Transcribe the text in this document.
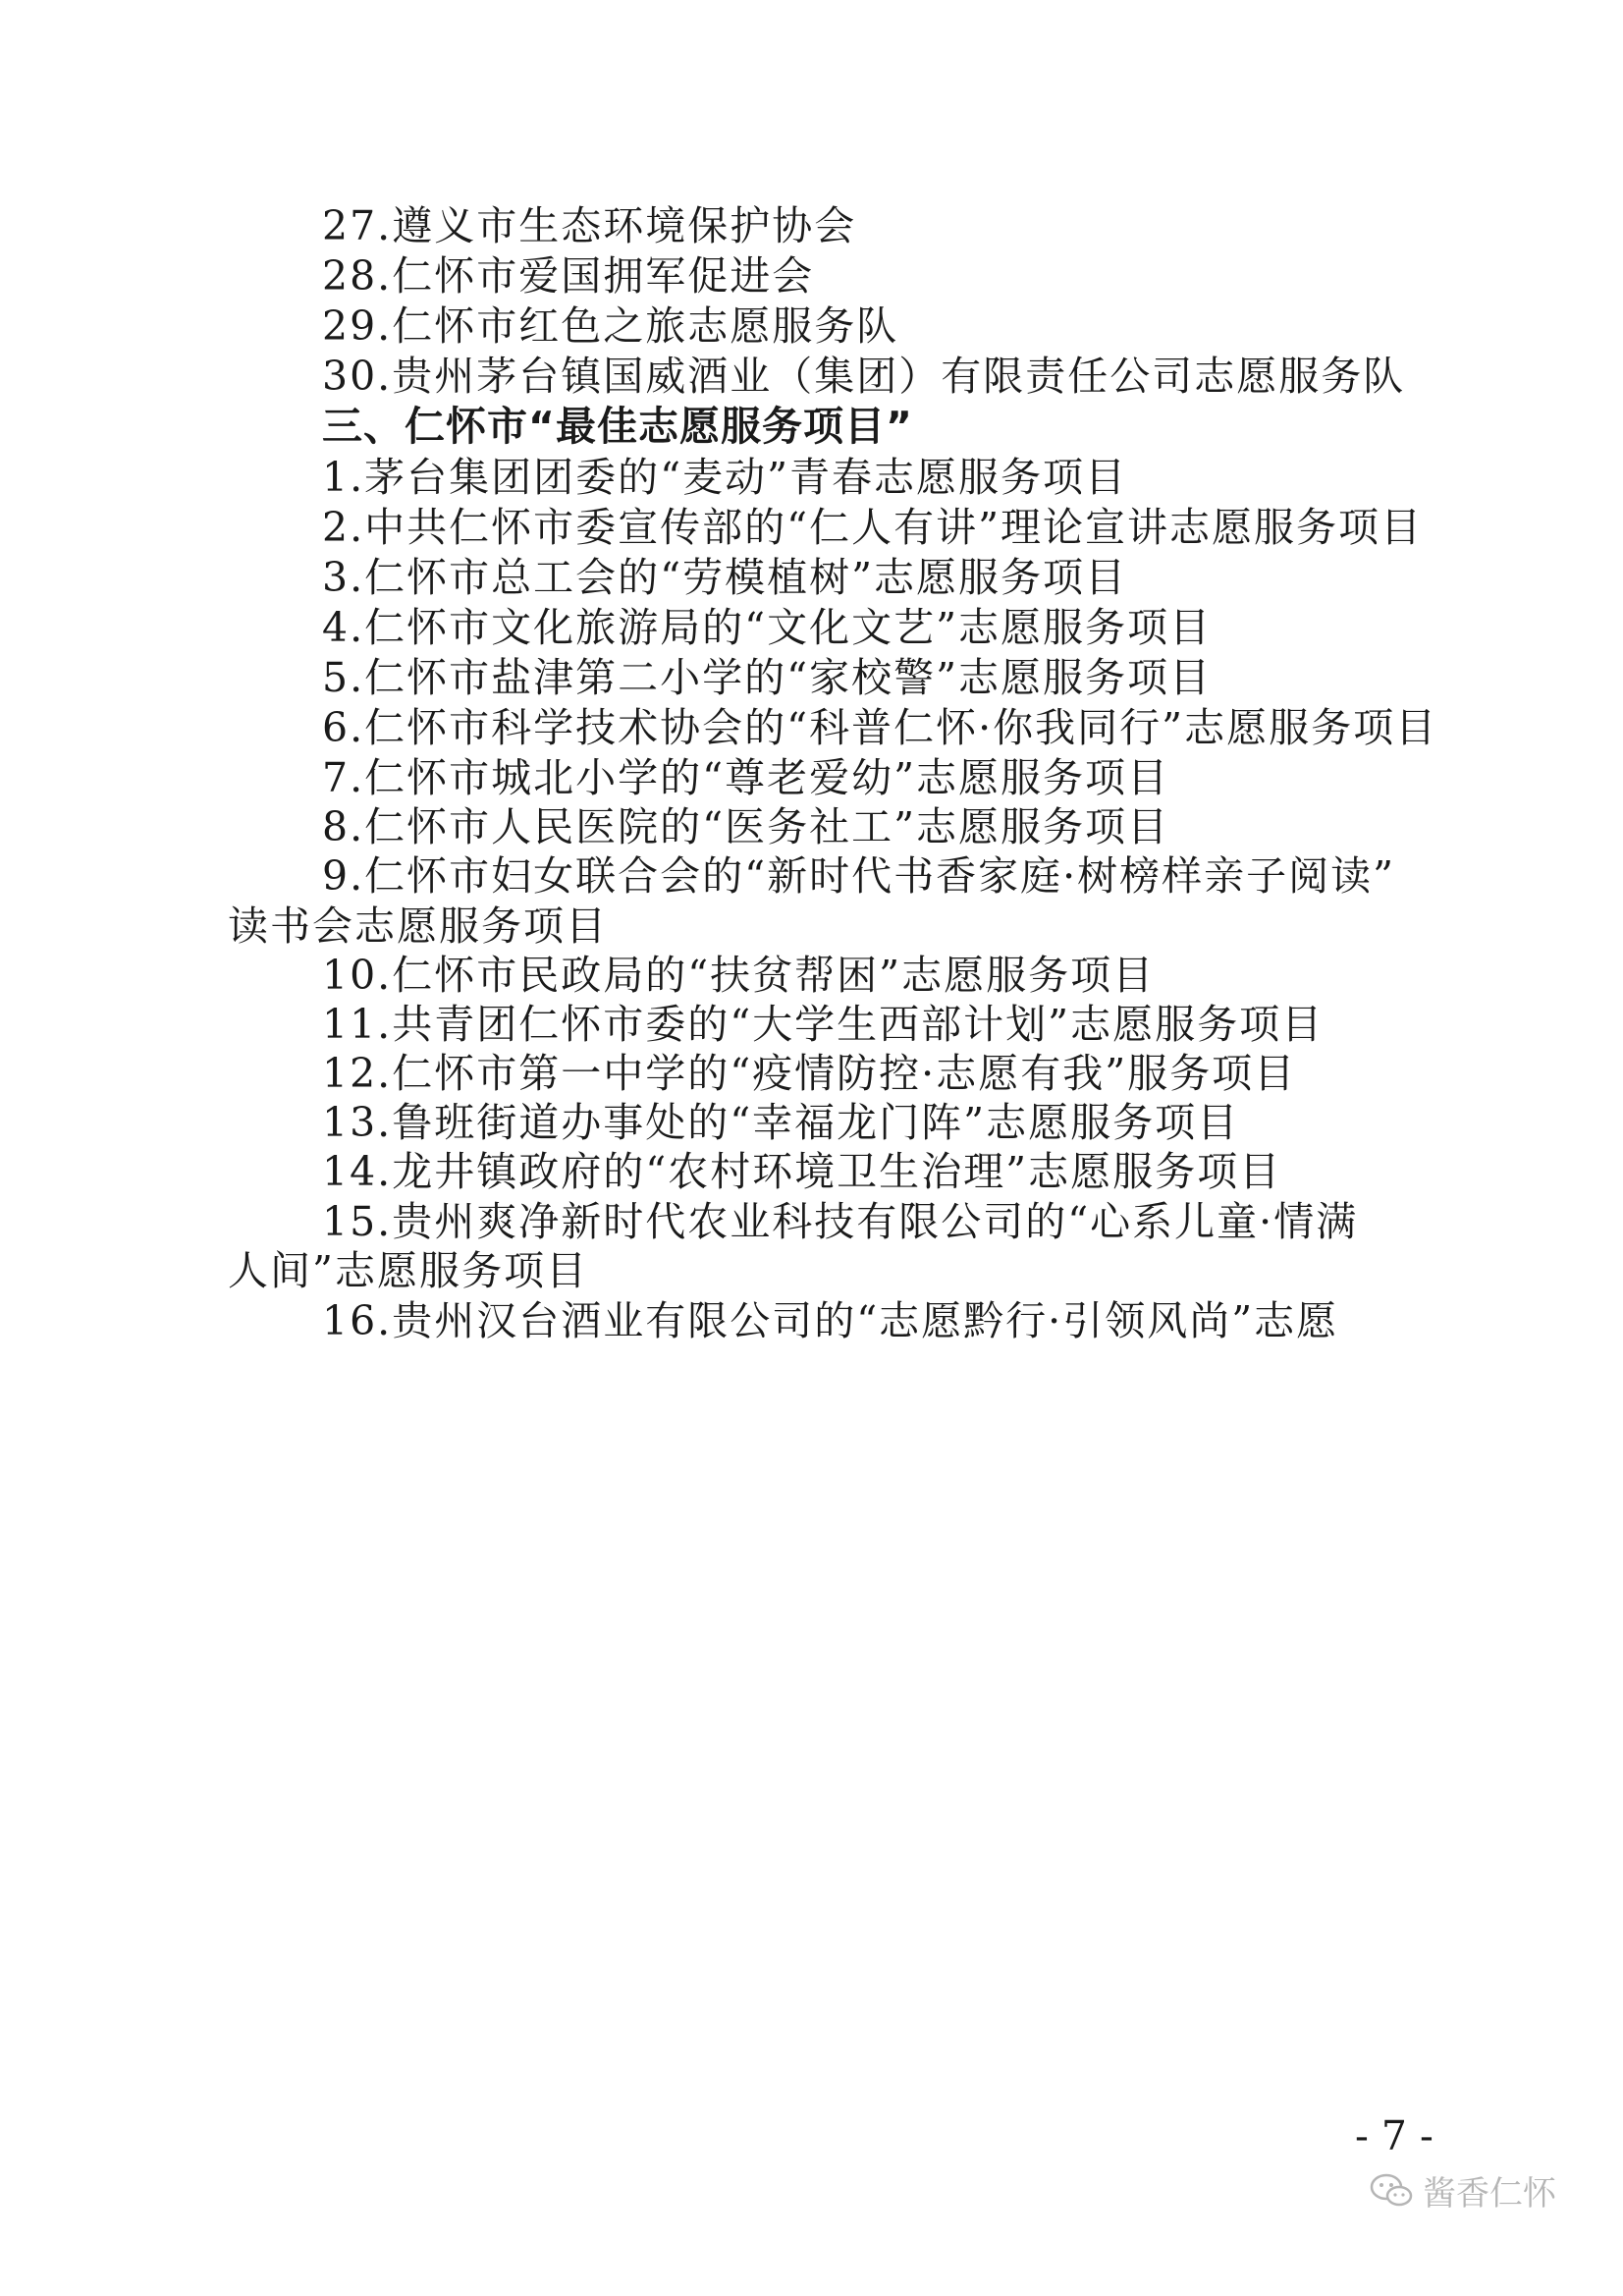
27.遵义市生态环境保护协会
28.仁怀市爱国拥军促进会
29.仁怀市红色之旅志愿服务队
30.贵州茅台镇国威酒业（集团）有限责任公司志愿服务队
三、仁怀市“最佳志愿服务项目”
1.茅台集团团委的“麦动”青春志愿服务项目
2.中共仁怀市委宣传部的“仁人有讲”理论宣讲志愿服务项目
3.仁怀市总工会的“劳模植树”志愿服务项目
4.仁怀市文化旅游局的“文化文艺”志愿服务项目
5.仁怀市盐津第二小学的“家校警”志愿服务项目
6.仁怀市科学技术协会的“科普仁怀·你我同行”志愿服务项目
7.仁怀市城北小学的“尊老爱幼”志愿服务项目
8.仁怀市人民医院的“医务社工”志愿服务项目
9.仁怀市妇女联合会的“新时代书香家庭·树榜样亲子阅读”
读书会志愿服务项目
10.仁怀市民政局的“扶贫帮困”志愿服务项目
11.共青团仁怀市委的“大学生西部计划”志愿服务项目
12.仁怀市第一中学的“疫情防控·志愿有我”服务项目
13.鲁班街道办事处的“幸福龙门阵”志愿服务项目
14.龙井镇政府的“农村环境卫生治理”志愿服务项目
15.贵州爽净新时代农业科技有限公司的“心系儿童·情满
人间”志愿服务项目
16.贵州汉台酒业有限公司的“志愿黔行·引领风尚”志愿
- 7 -
酱香仁怀
